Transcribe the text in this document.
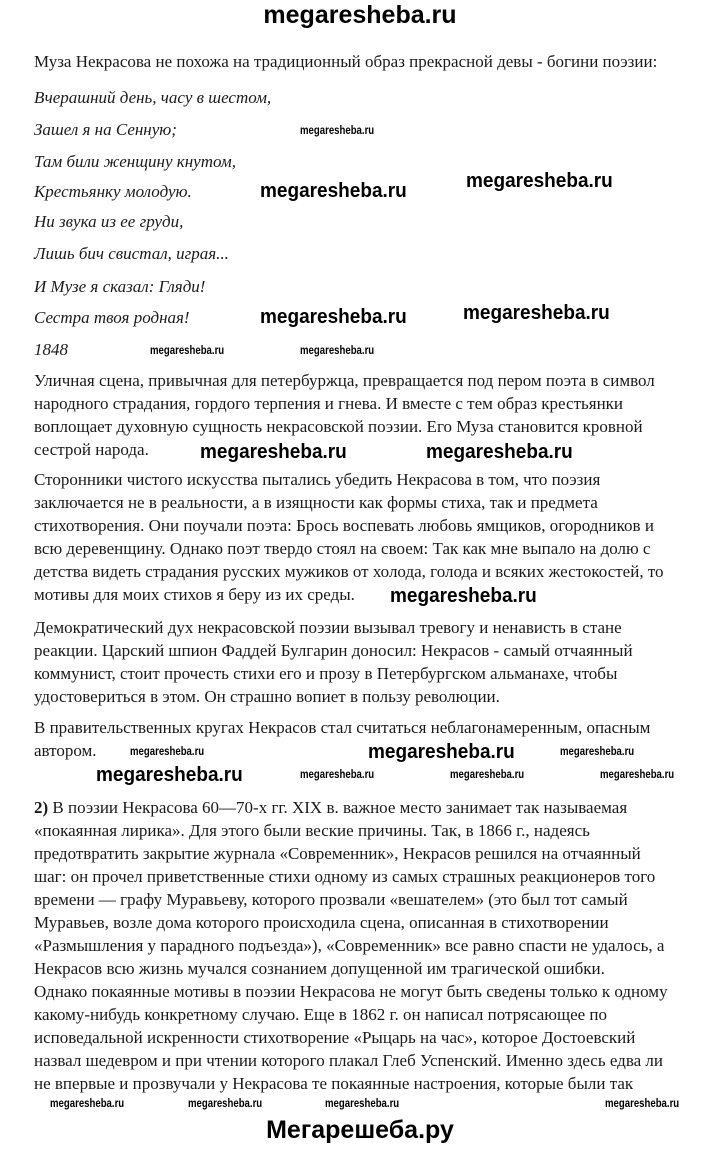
megaresheba.ru
Муза Некрасова не похожа на традиционный образ прекрасной девы - богини поэзии:
Вчерашний день, часу в шестом,
Зашел я на Сенную;
Там били женщину кнутом,
Крестьянку молодую.
Ни звука из ее груди,
Лишь бич свистал, играя...
И Музе я сказал: Гляди!
Сестра твоя родная!
1848
Уличная сцена, привычная для петербуржца, превращается под пером поэта в символ
народного страдания, гордого терпения и гнева. И вместе с тем образ крестьянки
воплощает духовную сущность некрасовской поэзии. Его Муза становится кровной
сестрой народа.
Сторонники чистого искусства пытались убедить Некрасова в том, что поэзия
заключается не в реальности, а в изящности как формы стиха, так и предмета
стихотворения. Они поучали поэта: Брось воспевать любовь ямщиков, огородников и
всю деревенщину. Однако поэт твердо стоял на своем: Так как мне выпало на долю с
детства видеть страдания русских мужиков от холода, голода и всяких жестокостей, то
мотивы для моих стихов я беру из их среды.
Демократический дух некрасовской поэзии вызывал тревогу и ненависть в стане
реакции. Царский шпион Фаддей Булгарин доносил: Некрасов - самый отчаянный
коммунист, стоит прочесть стихи его и прозу в Петербургском альманахе, чтобы
удостовериться в этом. Он страшно вопиет в пользу революции.
В правительственных кругах Некрасов стал считаться неблагонамеренным, опасным
автором.
2) В поэзии Некрасова 60—70-х гг. XIX в. важное место занимает так называемая
«покаянная лирика». Для этого были веские причины. Так, в 1866 г., надеясь
предотвратить закрытие журнала «Современник», Некрасов решился на отчаянный
шаг: он прочел приветственные стихи одному из самых страшных реакционеров того
времени — графу Муравьеву, которого прозвали «вешателем» (это был тот самый
Муравьев, возле дома которого происходила сцена, описанная в стихотворении
«Размышления у парадного подъезда»), «Современник» все равно спасти не удалось, а
Некрасов всю жизнь мучался сознанием допущенной им трагической ошибки.
Однако покаянные мотивы в поэзии Некрасова не могут быть сведены только к одному
какому-нибудь конкретному случаю. Еще в 1862 г. он написал потрясающее по
исповедальной искренности стихотворение «Рыцарь на час», которое Достоевский
назвал шедевром и при чтении которого плакал Глеб Успенский. Именно здесь едва ли
не впервые и прозвучали у Некрасова те покаянные настроения, которые были так
megaresheba.ru	megaresheba.ru
megaresheba.ru	megaresheba.ru
megaresheba.ru
megaresheba.ru
megaresheba.ru
megaresheba.ru
megaresheba.ru
megaresheba.ru
megaresheba.ru	megaresheba.ru
megaresheba.ru	megaresheba.ru
megaresheba.ru	megaresheba.ru	megaresheba.ru
megaresheba.ru	megaresheba.ru	megaresheba.ru	megaresheba.ru
Мегарешеба.ру
